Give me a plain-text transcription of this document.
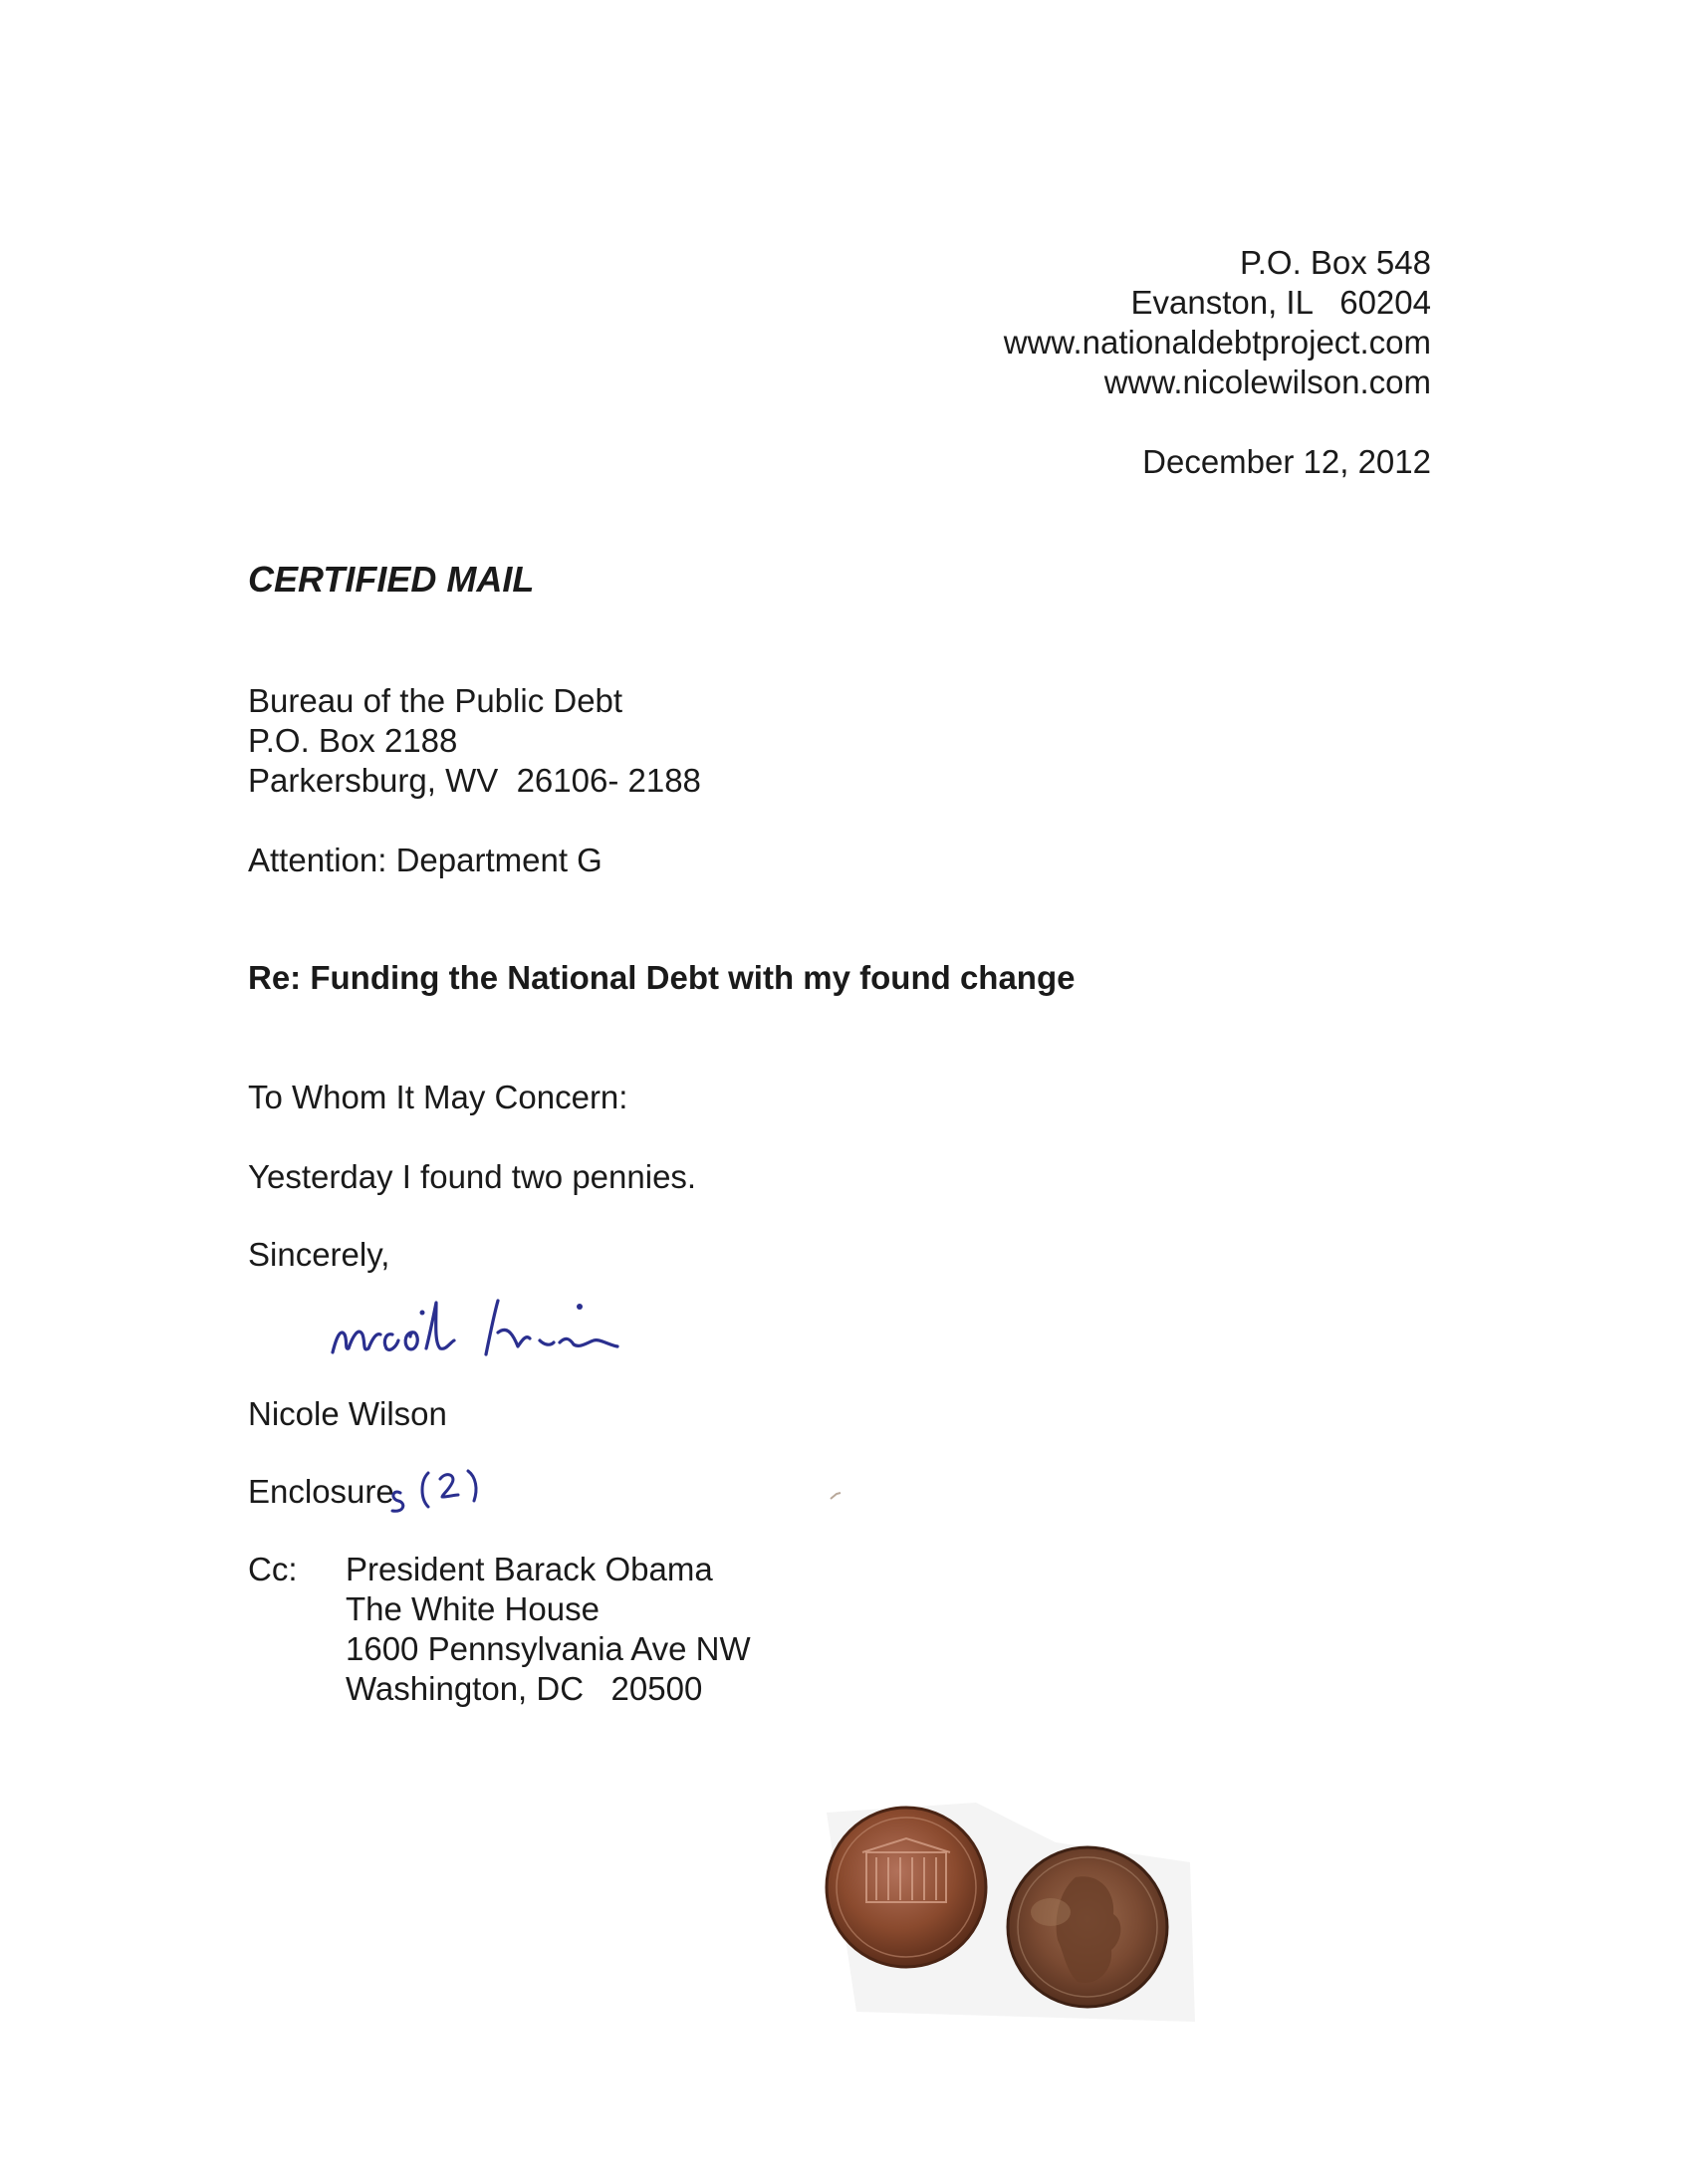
P.O. Box 548
Evanston, IL   60204
www.nationaldebtproject.com
www.nicolewilson.com
December 12, 2012
CERTIFIED MAIL
Bureau of the Public Debt
P.O. Box 2188
Parkersburg, WV  26106- 2188
Attention: Department G
Re: Funding the National Debt with my found change
To Whom It May Concern:
Yesterday I found two pennies.
Sincerely,
Nicole Wilson
Enclosure
Cc: President Barack Obama
The White House
1600 Pennsylvania Ave NW
Washington, DC   20500
